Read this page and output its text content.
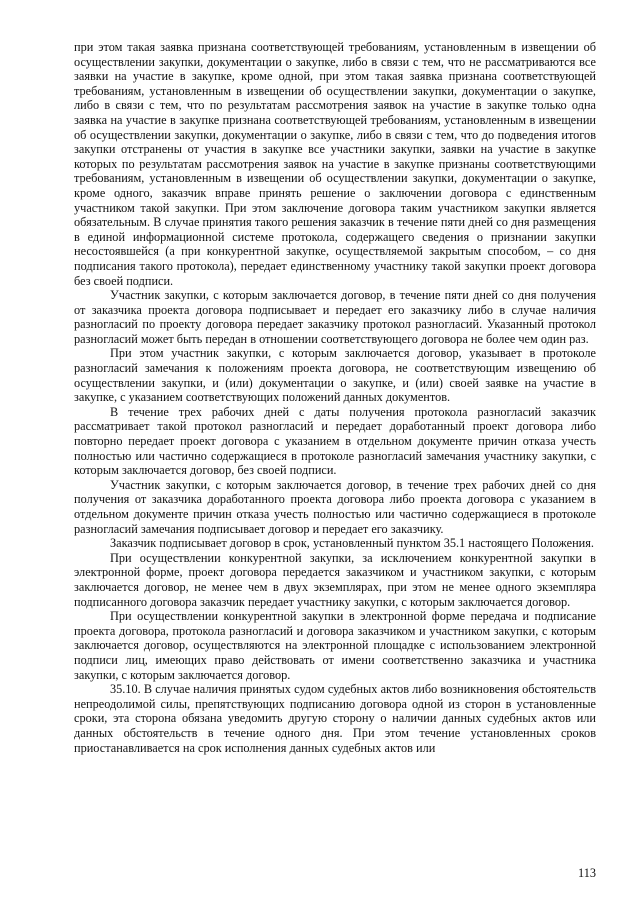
при этом такая заявка признана соответствующей требованиям, установленным в извещении об осуществлении закупки, документации о закупке, либо в связи с тем, что не рассматриваются все заявки на участие в закупке, кроме одной, при этом такая заявка признана соответствующей требованиям, установленным в извещении об осуществлении закупки, документации о закупке, либо в связи с тем, что по результатам рассмотрения заявок на участие в закупке только одна заявка на участие в закупке признана соответствующей требованиям, установленным в извещении об осуществлении закупки, документации о закупке, либо в связи с тем, что до подведения итогов закупки отстранены от участия в закупке все участники закупки, заявки на участие в закупке которых по результатам рассмотрения заявок на участие в закупке признаны соответствующими требованиям, установленным в извещении об осуществлении закупки, документации о закупке, кроме одного, заказчик вправе принять решение о заключении договора с единственным участником такой закупки. При этом заключение договора таким участником закупки является обязательным. В случае принятия такого решения заказчик в течение пяти дней со дня размещения в единой информационной системе протокола, содержащего сведения о признании закупки несостоявшейся (а при конкурентной закупке, осуществляемой закрытым способом, – со дня подписания такого протокола), передает единственному участнику такой закупки проект договора без своей подписи.

Участник закупки, с которым заключается договор, в течение пяти дней со дня получения от заказчика проекта договора подписывает и передает его заказчику либо в случае наличия разногласий по проекту договора передает заказчику протокол разногласий. Указанный протокол разногласий может быть передан в отношении соответствующего договора не более чем один раз.

При этом участник закупки, с которым заключается договор, указывает в протоколе разногласий замечания к положениям проекта договора, не соответствующим извещению об осуществлении закупки, и (или) документации о закупке, и (или) своей заявке на участие в закупке, с указанием соответствующих положений данных документов.

В течение трех рабочих дней с даты получения протокола разногласий заказчик рассматривает такой протокол разногласий и передает доработанный проект договора либо повторно передает проект договора с указанием в отдельном документе причин отказа учесть полностью или частично содержащиеся в протоколе разногласий замечания участнику закупки, с которым заключается договор, без своей подписи.

Участник закупки, с которым заключается договор, в течение трех рабочих дней со дня получения от заказчика доработанного проекта договора либо проекта договора с указанием в отдельном документе причин отказа учесть полностью или частично содержащиеся в протоколе разногласий замечания подписывает договор и передает его заказчику.

Заказчик подписывает договор в срок, установленный пунктом 35.1 настоящего Положения.

При осуществлении конкурентной закупки, за исключением конкурентной закупки в электронной форме, проект договора передается заказчиком и участником закупки, с которым заключается договор, не менее чем в двух экземплярах, при этом не менее одного экземпляра подписанного договора заказчик передает участнику закупки, с которым заключается договор.

При осуществлении конкурентной закупки в электронной форме передача и подписание проекта договора, протокола разногласий и договора заказчиком и участником закупки, с которым заключается договор, осуществляются на электронной площадке с использованием электронной подписи лиц, имеющих право действовать от имени соответственно заказчика и участника закупки, с которым заключается договор.

35.10. В случае наличия принятых судом судебных актов либо возникновения обстоятельств непреодолимой силы, препятствующих подписанию договора одной из сторон в установленные сроки, эта сторона обязана уведомить другую сторону о наличии данных судебных актов или данных обстоятельств в течение одного дня. При этом течение установленных сроков приостанавливается на срок исполнения данных судебных актов или

113
